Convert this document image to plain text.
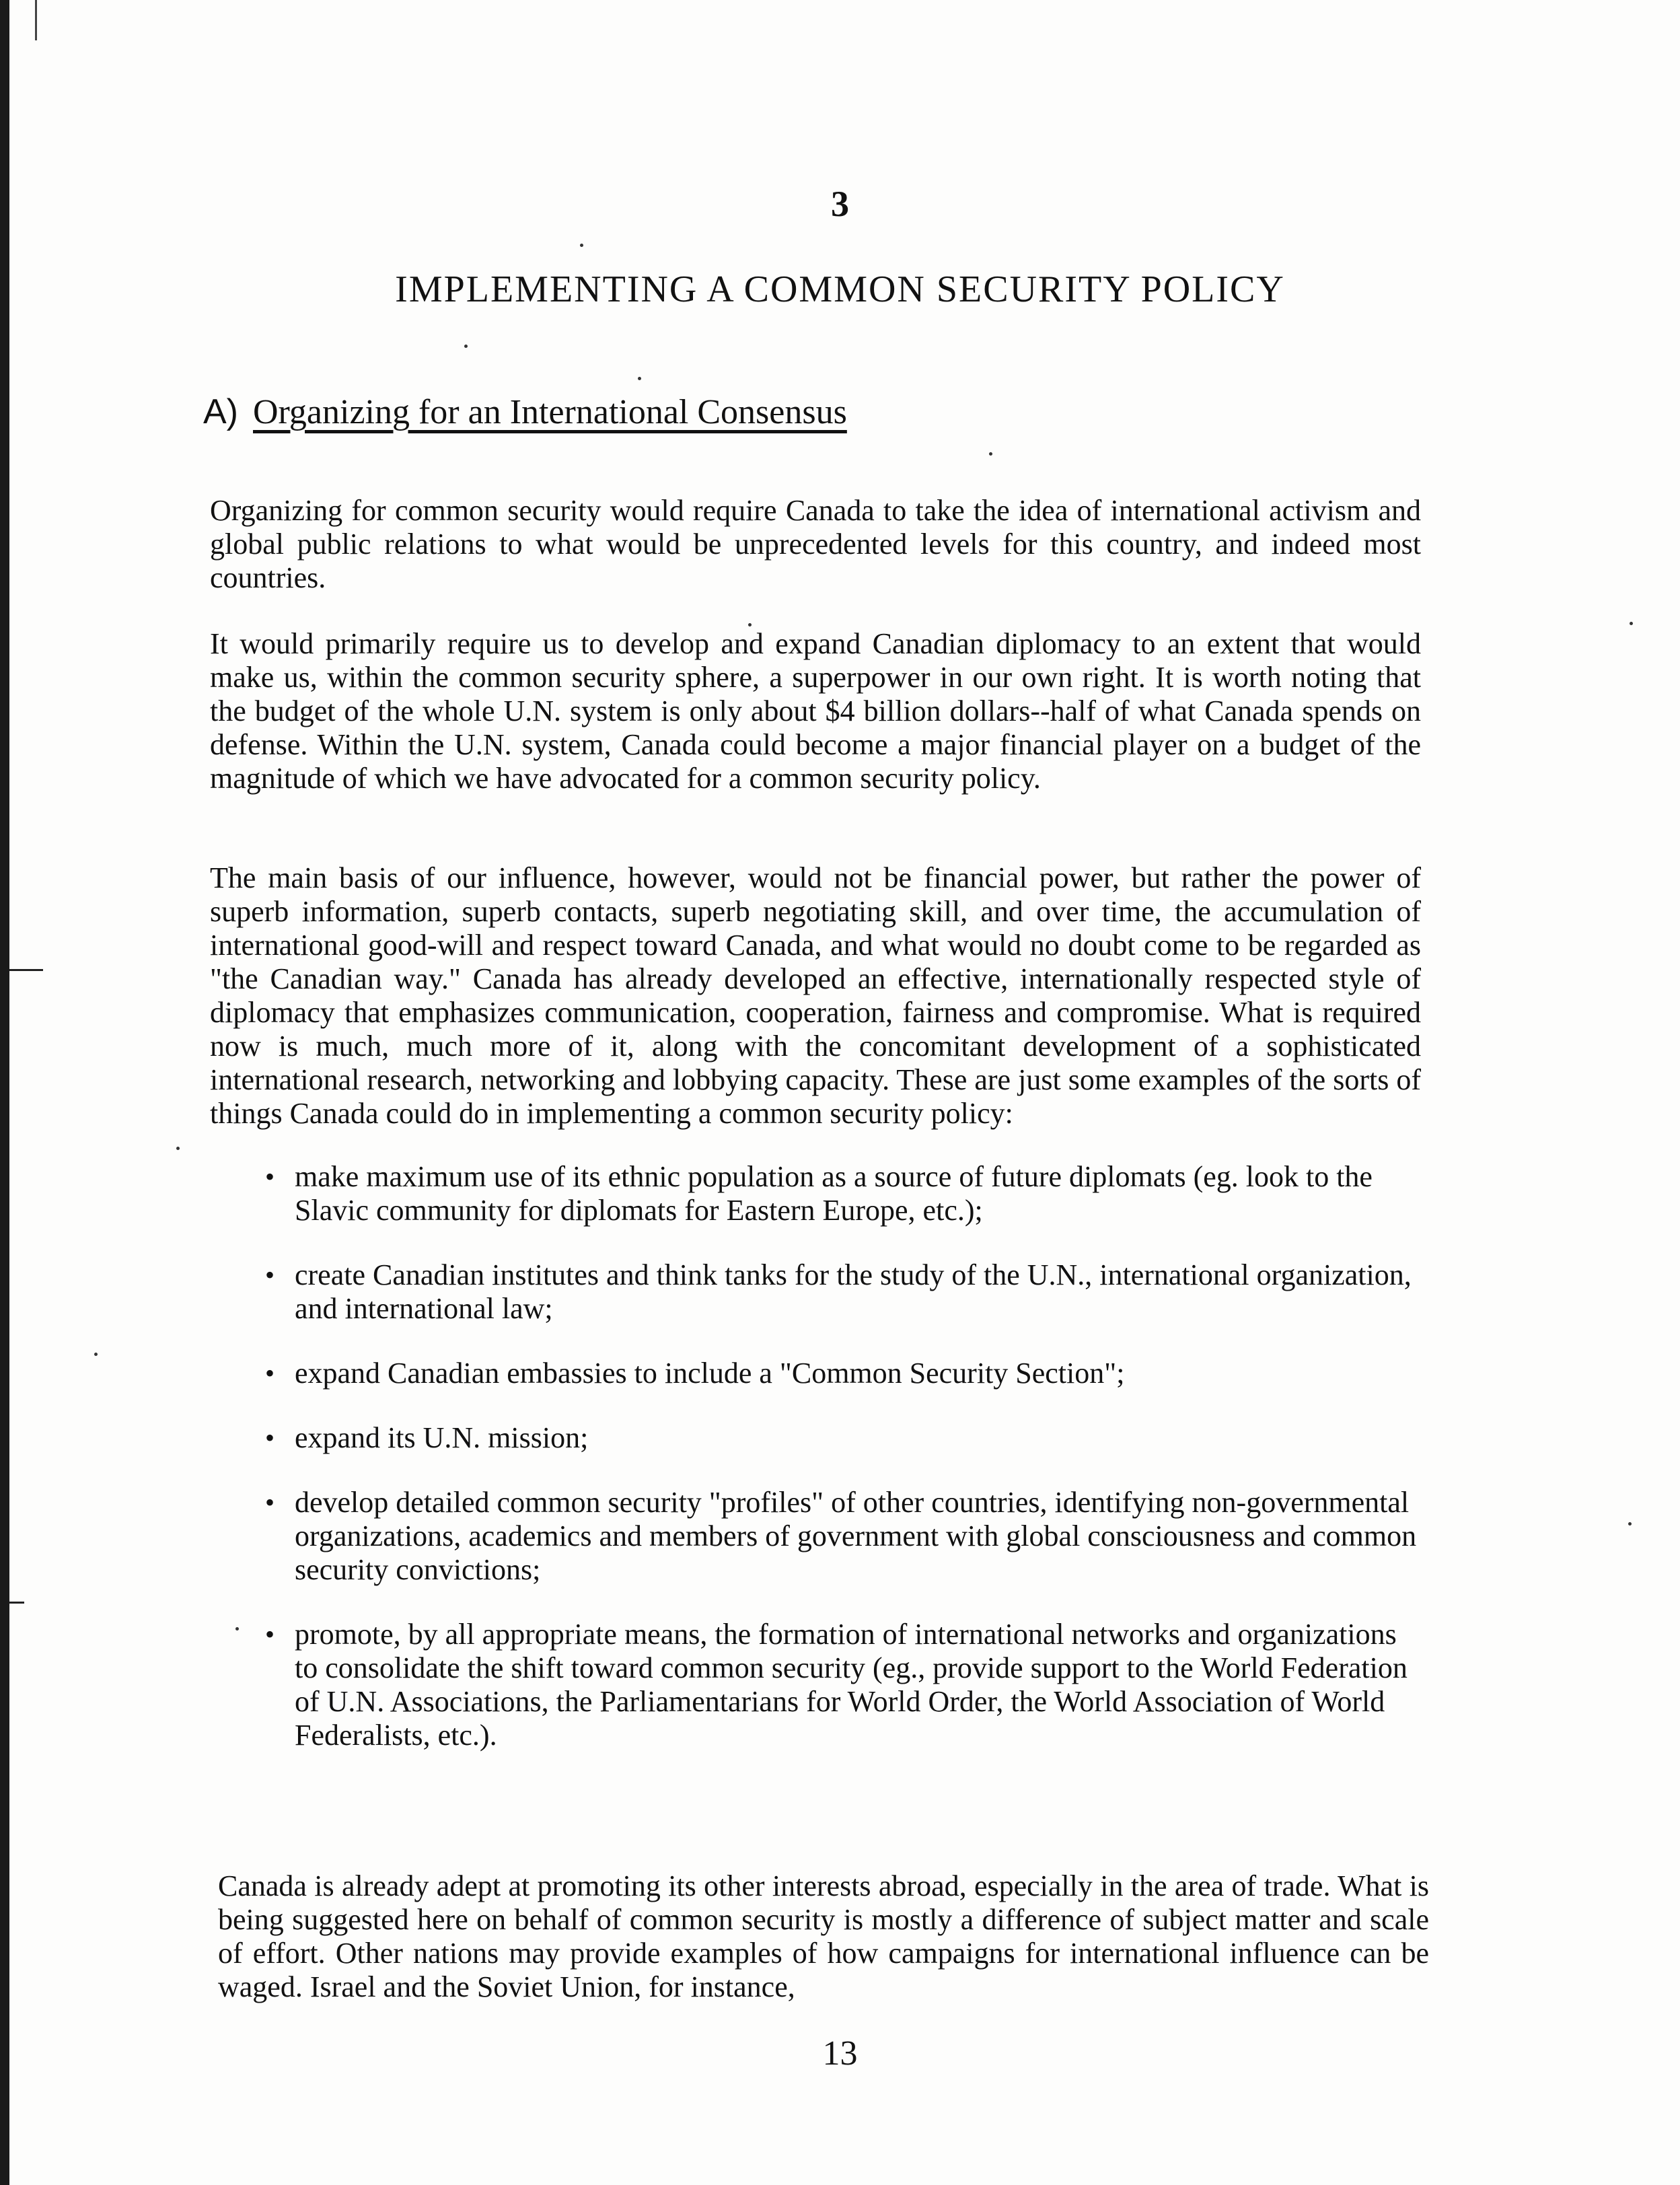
3
IMPLEMENTING A COMMON SECURITY POLICY
A) Organizing for an International Consensus

Organizing for common security would require Canada to take the idea of international activism and global public relations to what would be unprecedented levels for this country, and indeed most countries.

It would primarily require us to develop and expand Canadian diplomacy to an extent that would make us, within the common security sphere, a superpower in our own right. It is worth noting that the budget of the whole U.N. system is only about $4 billion dollars--half of what Canada spends on defense. Within the U.N. system, Canada could become a major financial player on a budget of the magnitude of which we have advocated for a common security policy.

The main basis of our influence, however, would not be financial power, but rather the power of superb information, superb contacts, superb negotiating skill, and over time, the accumulation of international good-will and respect toward Canada, and what would no doubt come to be regarded as "the Canadian way." Canada has already developed an effective, internationally respected style of diplomacy that emphasizes communication, cooperation, fairness and compromise. What is required now is much, much more of it, along with the concomitant development of a sophisticated international research, networking and lobbying capacity. These are just some examples of the sorts of things Canada could do in implementing a common security policy:

• make maximum use of its ethnic population as a source of future diplomats (eg. look to the Slavic community for diplomats for Eastern Europe, etc.);
• create Canadian institutes and think tanks for the study of the U.N., international organization, and international law;
• expand Canadian embassies to include a "Common Security Section";
• expand its U.N. mission;
• develop detailed common security "profiles" of other countries, identifying non-governmental organizations, academics and members of government with global consciousness and common security convictions;
• promote, by all appropriate means, the formation of international networks and organizations to consolidate the shift toward common security (eg., provide support to the World Federation of U.N. Associations, the Parliamentarians for World Order, the World Association of World Federalists, etc.).

Canada is already adept at promoting its other interests abroad, especially in the area of trade. What is being suggested here on behalf of common security is mostly a difference of subject matter and scale of effort. Other nations may provide examples of how campaigns for international influence can be waged. Israel and the Soviet Union, for instance,

13
